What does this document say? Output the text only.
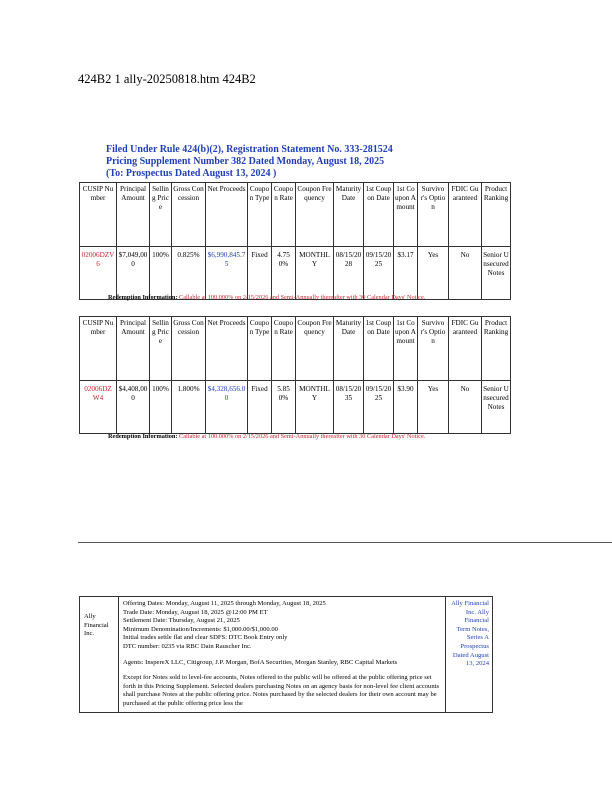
424B2 1 ally-20250818.htm 424B2
Filed Under Rule 424(b)(2), Registration Statement No. 333-281524
Pricing Supplement Number 382 Dated Monday, August 18, 2025
(To: Prospectus Dated August 13, 2024 )
CUSIP Number	Principal Amount	Selling Price	Gross Concession	Net Proceeds	Coupon Type	Coupon Rate	Coupon Frequency	Maturity Date	1st Coupon Date	1st Coupon Amount	Survivor's Option	FDIC Guaranteed	Product Ranking
02006DZV6	$7,049,000	100%	0.825%	$6,990,845.75	Fixed	4.750%	MONTHLY	08/15/2028	09/15/2025	$3.17	Yes	No	Senior Unsecured Notes
Redemption Information: Callable at 100.000% on 2/15/2026 and Semi-Annually thereafter with 30 Calendar Days' Notice.
CUSIP Number	Principal Amount	Selling Price	Gross Concession	Net Proceeds	Coupon Type	Coupon Rate	Coupon Frequency	Maturity Date	1st Coupon Date	1st Coupon Amount	Survivor's Option	FDIC Guaranteed	Product Ranking
02006DZW4	$4,408,000	100%	1.800%	$4,328,656.00	Fixed	5.850%	MONTHLY	08/15/2035	09/15/2025	$3.90	Yes	No	Senior Unsecured Notes
Redemption Information: Callable at 100.000% on 2/15/2026 and Semi-Annually thereafter with 30 Calendar Days' Notice.
Ally Financial Inc.	
Offering Dates: Monday, August 11, 2025 through Monday, August 18, 2025
Trade Date: Monday, August 18, 2025 @12:00 PM ET
Settlement Date: Thursday, August 21, 2025
Minimum Denomination/Increments: $1,000.00/$1,000.00
Initial trades settle flat and clear SDFS: DTC Book Entry only
DTC number: 0235 via RBC Dain Rauscher Inc.
Agents: InspereX LLC, Citigroup, J.P. Morgan, BofA Securities, Morgan Stanley, RBC Capital Markets
Except for Notes sold to level-fee accounts, Notes offered to the public will be offered at the public offering price set forth in this Pricing Supplement. Selected dealers purchasing Notes on an agency basis for non-level fee client accounts shall purchase Notes at the public offering price. Notes purchased by the selected dealers for their own account may be purchased at the public offering price less the
	Ally Financial Inc. Ally Financial Term Notes, Series A Prospectus Dated August 13, 2024
